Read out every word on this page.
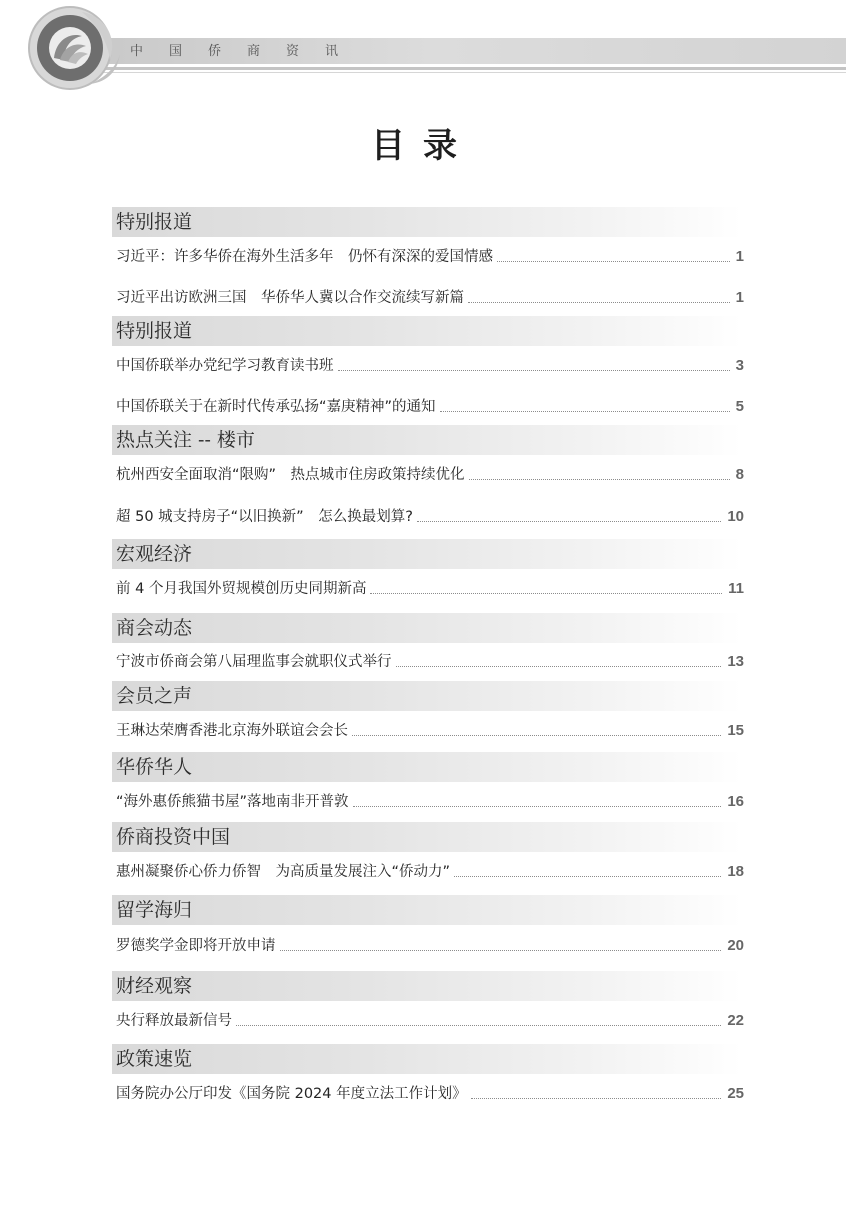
中国侨商资讯
目录
特别报道
习近平：许多华侨在海外生活多年　仍怀有深深的爱国情感	1
习近平出访欧洲三国　华侨华人冀以合作交流续写新篇	1
特别报道
中国侨联举办党纪学习教育读书班	3
中国侨联关于在新时代传承弘扬“嘉庚精神”的通知	5
热点关注 -- 楼市
杭州西安全面取消“限购”　热点城市住房政策持续优化	8
超 50 城支持房子“以旧换新”　怎么换最划算?	10
宏观经济
前 4 个月我国外贸规模创历史同期新高	11
商会动态
宁波市侨商会第八届理监事会就职仪式举行	13
会员之声
王琳达荣膺香港北京海外联谊会会长	15
华侨华人
“海外惠侨熊猫书屋”落地南非开普敦	16
侨商投资中国
惠州凝聚侨心侨力侨智　为高质量发展注入“侨动力”	18
留学海归
罗德奖学金即将开放申请	20
财经观察
央行释放最新信号	22
政策速览
国务院办公厅印发《国务院 2024 年度立法工作计划》	25
